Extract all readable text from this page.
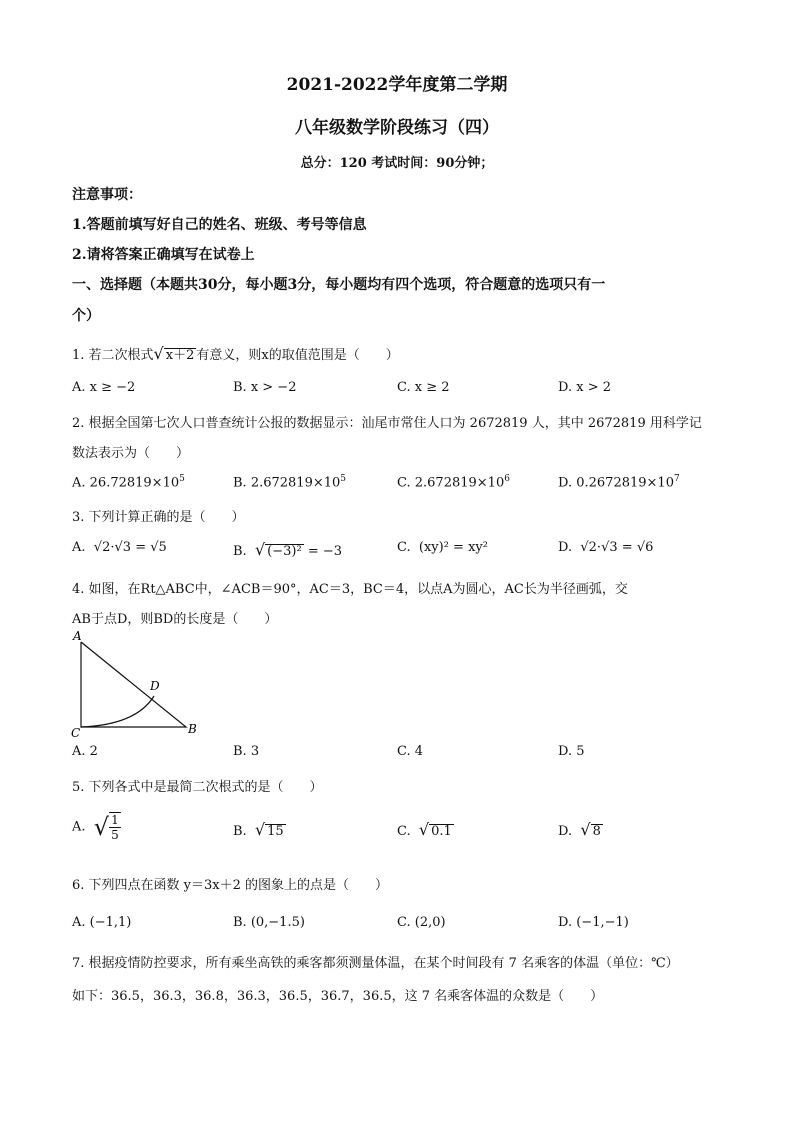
2021-2022学年度第二学期
八年级数学阶段练习（四）
总分：120 考试时间：90分钟；
注意事项：
1.答题前填写好自己的姓名、班级、考号等信息
2.请将答案正确填写在试卷上
一、选择题（本题共30分，每小题3分，每小题均有四个选项，符合题意的选项只有一
个）
1. 若二次根式√ x＋2 有意义，则x的取值范围是（　　）
A. x ≥ −2	B. x > −2	C. x ≥ 2	D. x > 2
2. 根据全国第七次人口普查统计公报的数据显示：汕尾市常住人口为 2672819 人，其中 2672819 用科学记
数法表示为（　　）
A. $26.72819\times 10^5$	B. $2.672819\times 10^5$	C. $2.672819\times 10^6$	D. $0.2672819\times 10^7$
3. 下列计算正确的是（　　）
A. √2·√3 = √5	B. √ (−3)² = −3	C. (xy)² = xy²	D. √2·√3 = √6
4. 如图，在Rt△ABC中，∠ACB＝90°，AC＝3，BC＝4，以点A为圆心，AC长为半径画弧，交
AB于点D，则BD的长度是（　　）
A
D
C	B
A. 2	B. 3	C. 4	D. 5
5. 下列各式中是最简二次根式的是（　　）
A. √ $\frac{1}{5}$	B. √ 15	C. √ 0.1	D. √ 8
6. 下列四点在函数 y＝3x＋2 的图象上的点是（　　）
A. (−1,1)	B. (0,−1.5)	C. (2,0)	D. (−1,−1)
7. 根据疫情防控要求，所有乘坐高铁的乘客都须测量体温，在某个时间段有 7 名乘客的体温（单位：℃）
如下：36.5，36.3，36.8，36.3，36.5，36.7，36.5，这 7 名乘客体温的众数是（　　）
